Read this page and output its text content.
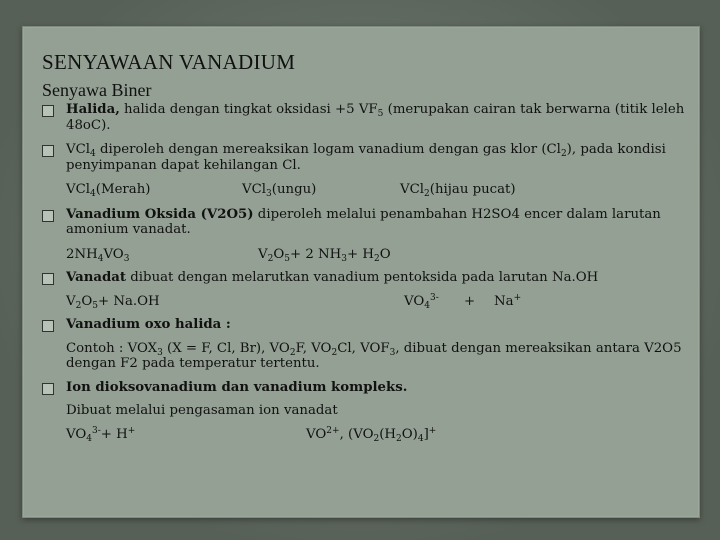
SENYAWAAN VANADIUM
Senyawa Biner
Halida, halida dengan tingkat oksidasi +5 $VF_5$ (merupakan cairan tak berwarna (titik leleh 48oC).
VCl$_4$ diperoleh dengan mereaksikan logam vanadium dengan gas klor $(Cl_2)$, pada kondisi penyimpanan dapat kehilangan Cl.
VCl$_4$(Merah)	VCl$_3$(ungu)	VCl$_2$(hijau pucat)
Vanadium Oksida (V2O5) diperoleh melalui penambahan H2SO4 encer dalam larutan amonium vanadat.
$2NH_4VO_3$	$V_2O_5+ 2$ $NH_3+ H_2O$
Vanadat dibuat dengan melarutkan vanadium pentoksida pada larutan Na.OH
$V_2O_5+ Na.OH$	$VO_4^{3-}$	+	Na+
Vanadium oxo halida :
Contoh : $VOX_3$ (X = F, Cl, Br), $VO_2F$, $VO_2Cl$, $VOF_3$, dibuat dengan mereaksikan antara V2O5 dengan F2 pada temperatur tertentu.
Ion dioksovanadium dan vanadium kompleks.
Dibuat melalui pengasaman ion vanadat
$VO_4^{3-}+ H^+$	$VO^{2+}$, $(VO_2(H_2O)_4]^+$
